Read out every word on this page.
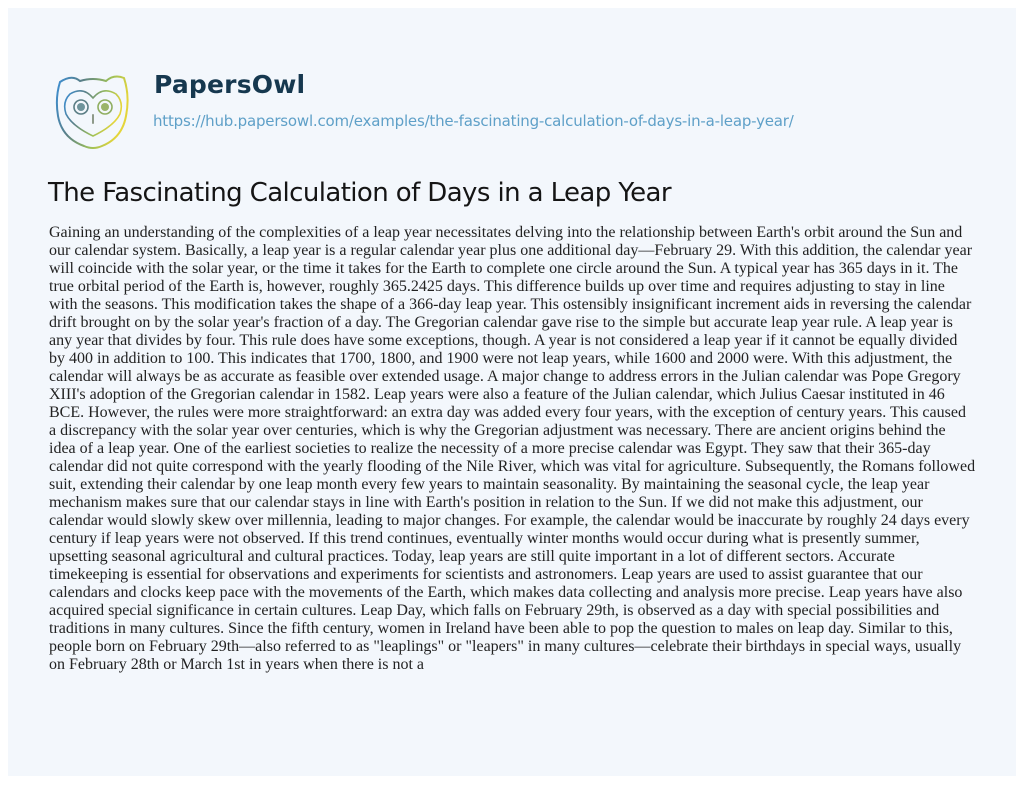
PapersOwl
https://hub.papersowl.com/examples/the-fascinating-calculation-of-days-in-a-leap-year/
The Fascinating Calculation of Days in a Leap Year

Gaining an understanding of the complexities of a leap year necessitates delving into the relationship between Earth's orbit around the Sun and
our calendar system. Basically, a leap year is a regular calendar year plus one additional day—February 29. With this addition, the calendar year
will coincide with the solar year, or the time it takes for the Earth to complete one circle around the Sun. A typical year has 365 days in it. The
true orbital period of the Earth is, however, roughly 365.2425 days. This difference builds up over time and requires adjusting to stay in line
with the seasons. This modification takes the shape of a 366-day leap year. This ostensibly insignificant increment aids in reversing the calendar
drift brought on by the solar year's fraction of a day. The Gregorian calendar gave rise to the simple but accurate leap year rule. A leap year is
any year that divides by four. This rule does have some exceptions, though. A year is not considered a leap year if it cannot be equally divided
by 400 in addition to 100. This indicates that 1700, 1800, and 1900 were not leap years, while 1600 and 2000 were. With this adjustment, the
calendar will always be as accurate as feasible over extended usage. A major change to address errors in the Julian calendar was Pope Gregory
XIII's adoption of the Gregorian calendar in 1582. Leap years were also a feature of the Julian calendar, which Julius Caesar instituted in 46
BCE. However, the rules were more straightforward: an extra day was added every four years, with the exception of century years. This caused
a discrepancy with the solar year over centuries, which is why the Gregorian adjustment was necessary. There are ancient origins behind the
idea of a leap year. One of the earliest societies to realize the necessity of a more precise calendar was Egypt. They saw that their 365-day
calendar did not quite correspond with the yearly flooding of the Nile River, which was vital for agriculture. Subsequently, the Romans followed
suit, extending their calendar by one leap month every few years to maintain seasonality. By maintaining the seasonal cycle, the leap year
mechanism makes sure that our calendar stays in line with Earth's position in relation to the Sun. If we did not make this adjustment, our
calendar would slowly skew over millennia, leading to major changes. For example, the calendar would be inaccurate by roughly 24 days every
century if leap years were not observed. If this trend continues, eventually winter months would occur during what is presently summer,
upsetting seasonal agricultural and cultural practices. Today, leap years are still quite important in a lot of different sectors. Accurate
timekeeping is essential for observations and experiments for scientists and astronomers. Leap years are used to assist guarantee that our
calendars and clocks keep pace with the movements of the Earth, which makes data collecting and analysis more precise. Leap years have also
acquired special significance in certain cultures. Leap Day, which falls on February 29th, is observed as a day with special possibilities and
traditions in many cultures. Since the fifth century, women in Ireland have been able to pop the question to males on leap day. Similar to this,
people born on February 29th—also referred to as "leaplings" or "leapers" in many cultures—celebrate their birthdays in special ways, usually
on February 28th or March 1st in years when there is not a
